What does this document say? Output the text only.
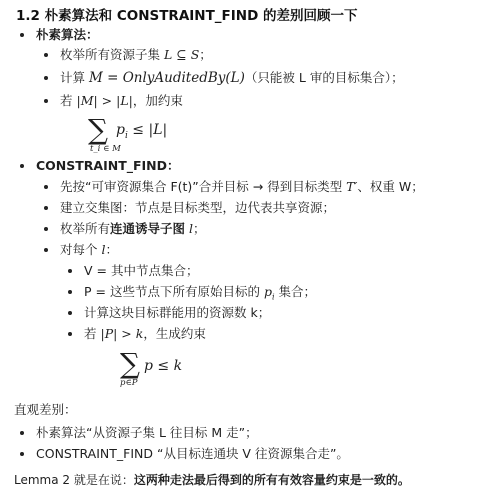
1.2 朴素算法和 CONSTRAINT_FIND 的差别回顾一下
朴素算法：
枚举所有资源子集 L ⊆ S；
计算 M = OnlyAuditedBy(L)（只能被 L 审的目标集合）；
若 |M| > |L|，加约束
∑
t_i ∈ M
$p_i \le |L|$
CONSTRAINT_FIND：
先按“可审资源集合 F(t)”合并目标 → 得到目标类型 T′、权重 W；
建立交集图：节点是目标类型，边代表共享资源；
枚举所有连通诱导子图 l；
对每个 l：
V = 其中节点集合；
P = 这些节点下所有原始目标的 $p_i$ 集合；
计算这块目标群能用的资源数 k；
若 |P| > k，生成约束
∑
p∈P
p ≤ k
直观差别：
朴素算法“从资源子集 L 往目标 M 走”；
CONSTRAINT_FIND “从目标连通块 V 往资源集合走”。
Lemma 2 就是在说：这两种走法最后得到的所有有效容量约束是一致的。
